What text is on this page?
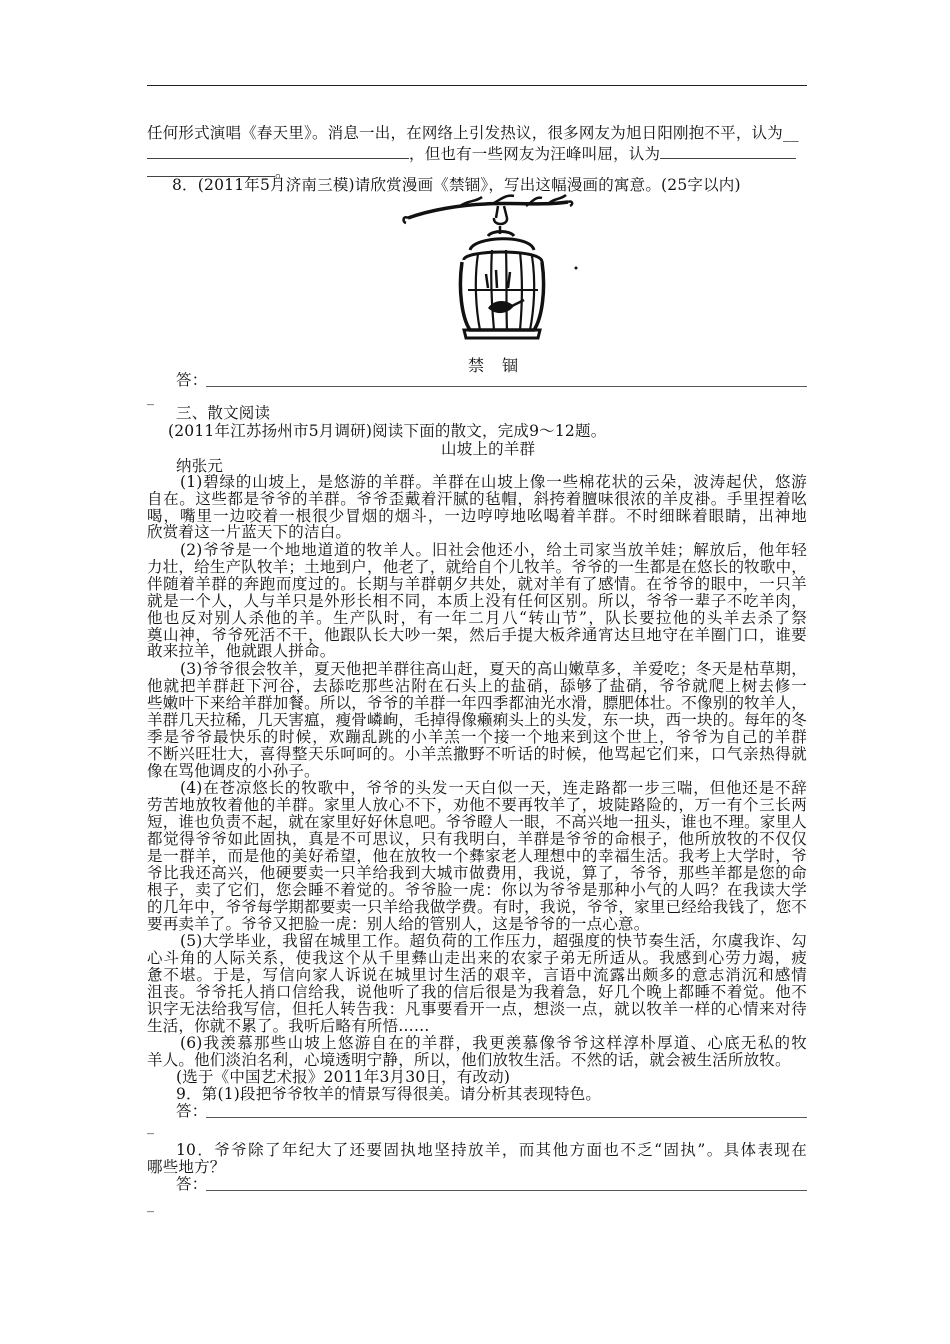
任何形式演唱《春天里》。消息一出，在网络上引发热议，很多网友为旭日阳刚抱不平，认为__
，但也有一些网友为汪峰叫屈，认为
。
8．(2011年5月济南三模)请欣赏漫画《禁锢》，写出这幅漫画的寓意。(25字以内)
禁锢
答：
_
三、散文阅读
(2011年江苏扬州市5月调研)阅读下面的散文，完成9～12题。
山坡上的羊群
纳张元
(1)碧绿的山坡上，是悠游的羊群。羊群在山坡上像一些棉花状的云朵，波涛起伏，悠游
自在。这些都是爷爷的羊群。爷爷歪戴着汗腻的毡帽，斜挎着膻味很浓的羊皮褂。手里捏着吆
喝，嘴里一边咬着一根很少冒烟的烟斗，一边哼哼地吆喝着羊群。不时细眯着眼睛，出神地
欣赏着这一片蓝天下的洁白。
(2)爷爷是一个地地道道的牧羊人。旧社会他还小，给土司家当放羊娃；解放后，他年轻
力壮，给生产队牧羊；土地到户，他老了，就给自个儿牧羊。爷爷的一生都是在悠长的牧歌中，
伴随着羊群的奔跑而度过的。长期与羊群朝夕共处，就对羊有了感情。在爷爷的眼中，一只羊
就是一个人，人与羊只是外形长相不同，本质上没有任何区别。所以，爷爷一辈子不吃羊肉，
他也反对别人杀他的羊。生产队时，有一年二月八“转山节”，队长要拉他的头羊去杀了祭
奠山神，爷爷死活不干，他跟队长大吵一架，然后手提大板斧通宵达旦地守在羊圈门口，谁要
敢来拉羊，他就跟人拼命。
(3)爷爷很会牧羊，夏天他把羊群往高山赶，夏天的高山嫩草多，羊爱吃；冬天是枯草期，
他就把羊群赶下河谷，去舔吃那些沾附在石头上的盐硝，舔够了盐硝，爷爷就爬上树去修一
些嫩叶下来给羊群加餐。所以，爷爷的羊群一年四季都油光水滑，膘肥体壮。不像别的牧羊人，
羊群几天拉稀，几天害瘟，瘦骨嶙峋，毛掉得像癞痢头上的头发，东一块，西一块的。每年的冬
季是爷爷最快乐的时候，欢蹦乱跳的小羊羔一个接一个地来到这个世上，爷爷为自己的羊群
不断兴旺壮大，喜得整天乐呵呵的。小羊羔撒野不听话的时候，他骂起它们来，口气亲热得就
像在骂他调皮的小孙子。
(4)在苍凉悠长的牧歌中，爷爷的头发一天白似一天，连走路都一步三喘，但他还是不辞
劳苦地放牧着他的羊群。家里人放心不下，劝他不要再牧羊了，坡陡路险的，万一有个三长两
短，谁也负责不起，就在家里好好休息吧。爷爷瞪人一眼，不高兴地一扭头，谁也不理。家里人
都觉得爷爷如此固执，真是不可思议，只有我明白，羊群是爷爷的命根子，他所放牧的不仅仅
是一群羊，而是他的美好希望，他在放牧一个彝家老人理想中的幸福生活。我考上大学时，爷
爷比我还高兴，他硬要卖一只羊给我到大城市做费用，我说，算了，爷爷，那些羊都是您的命
根子，卖了它们，您会睡不着觉的。爷爷脸一虎：你以为爷爷是那种小气的人吗？在我读大学
的几年中，爷爷每学期都要卖一只羊给我做学费。有时，我说，爷爷，家里已经给我钱了，您不
要再卖羊了。爷爷又把脸一虎：别人给的管别人，这是爷爷的一点心意。
(5)大学毕业，我留在城里工作。超负荷的工作压力，超强度的快节奏生活，尔虞我诈、勾
心斗角的人际关系，使我这个从千里彝山走出来的农家子弟无所适从。我感到心劳力竭，疲
惫不堪。于是，写信向家人诉说在城里讨生活的艰辛，言语中流露出颇多的意志消沉和感情
沮丧。爷爷托人捎口信给我，说他听了我的信后很是为我着急，好几个晚上都睡不着觉。他不
识字无法给我写信，但托人转告我：凡事要看开一点，想淡一点，就以牧羊一样的心情来对待
生活，你就不累了。我听后略有所悟……
(6)我羡慕那些山坡上悠游自在的羊群，我更羡慕像爷爷这样淳朴厚道、心底无私的牧
羊人。他们淡泊名利，心境透明宁静，所以，他们放牧生活。不然的话，就会被生活所放牧。
(选于《中国艺术报》2011年3月30日，有改动)
9．第(1)段把爷爷牧羊的情景写得很美。请分析其表现特色。
答：
_
10．爷爷除了年纪大了还要固执地坚持放羊，而其他方面也不乏“固执”。具体表现在
哪些地方？
答：
_
